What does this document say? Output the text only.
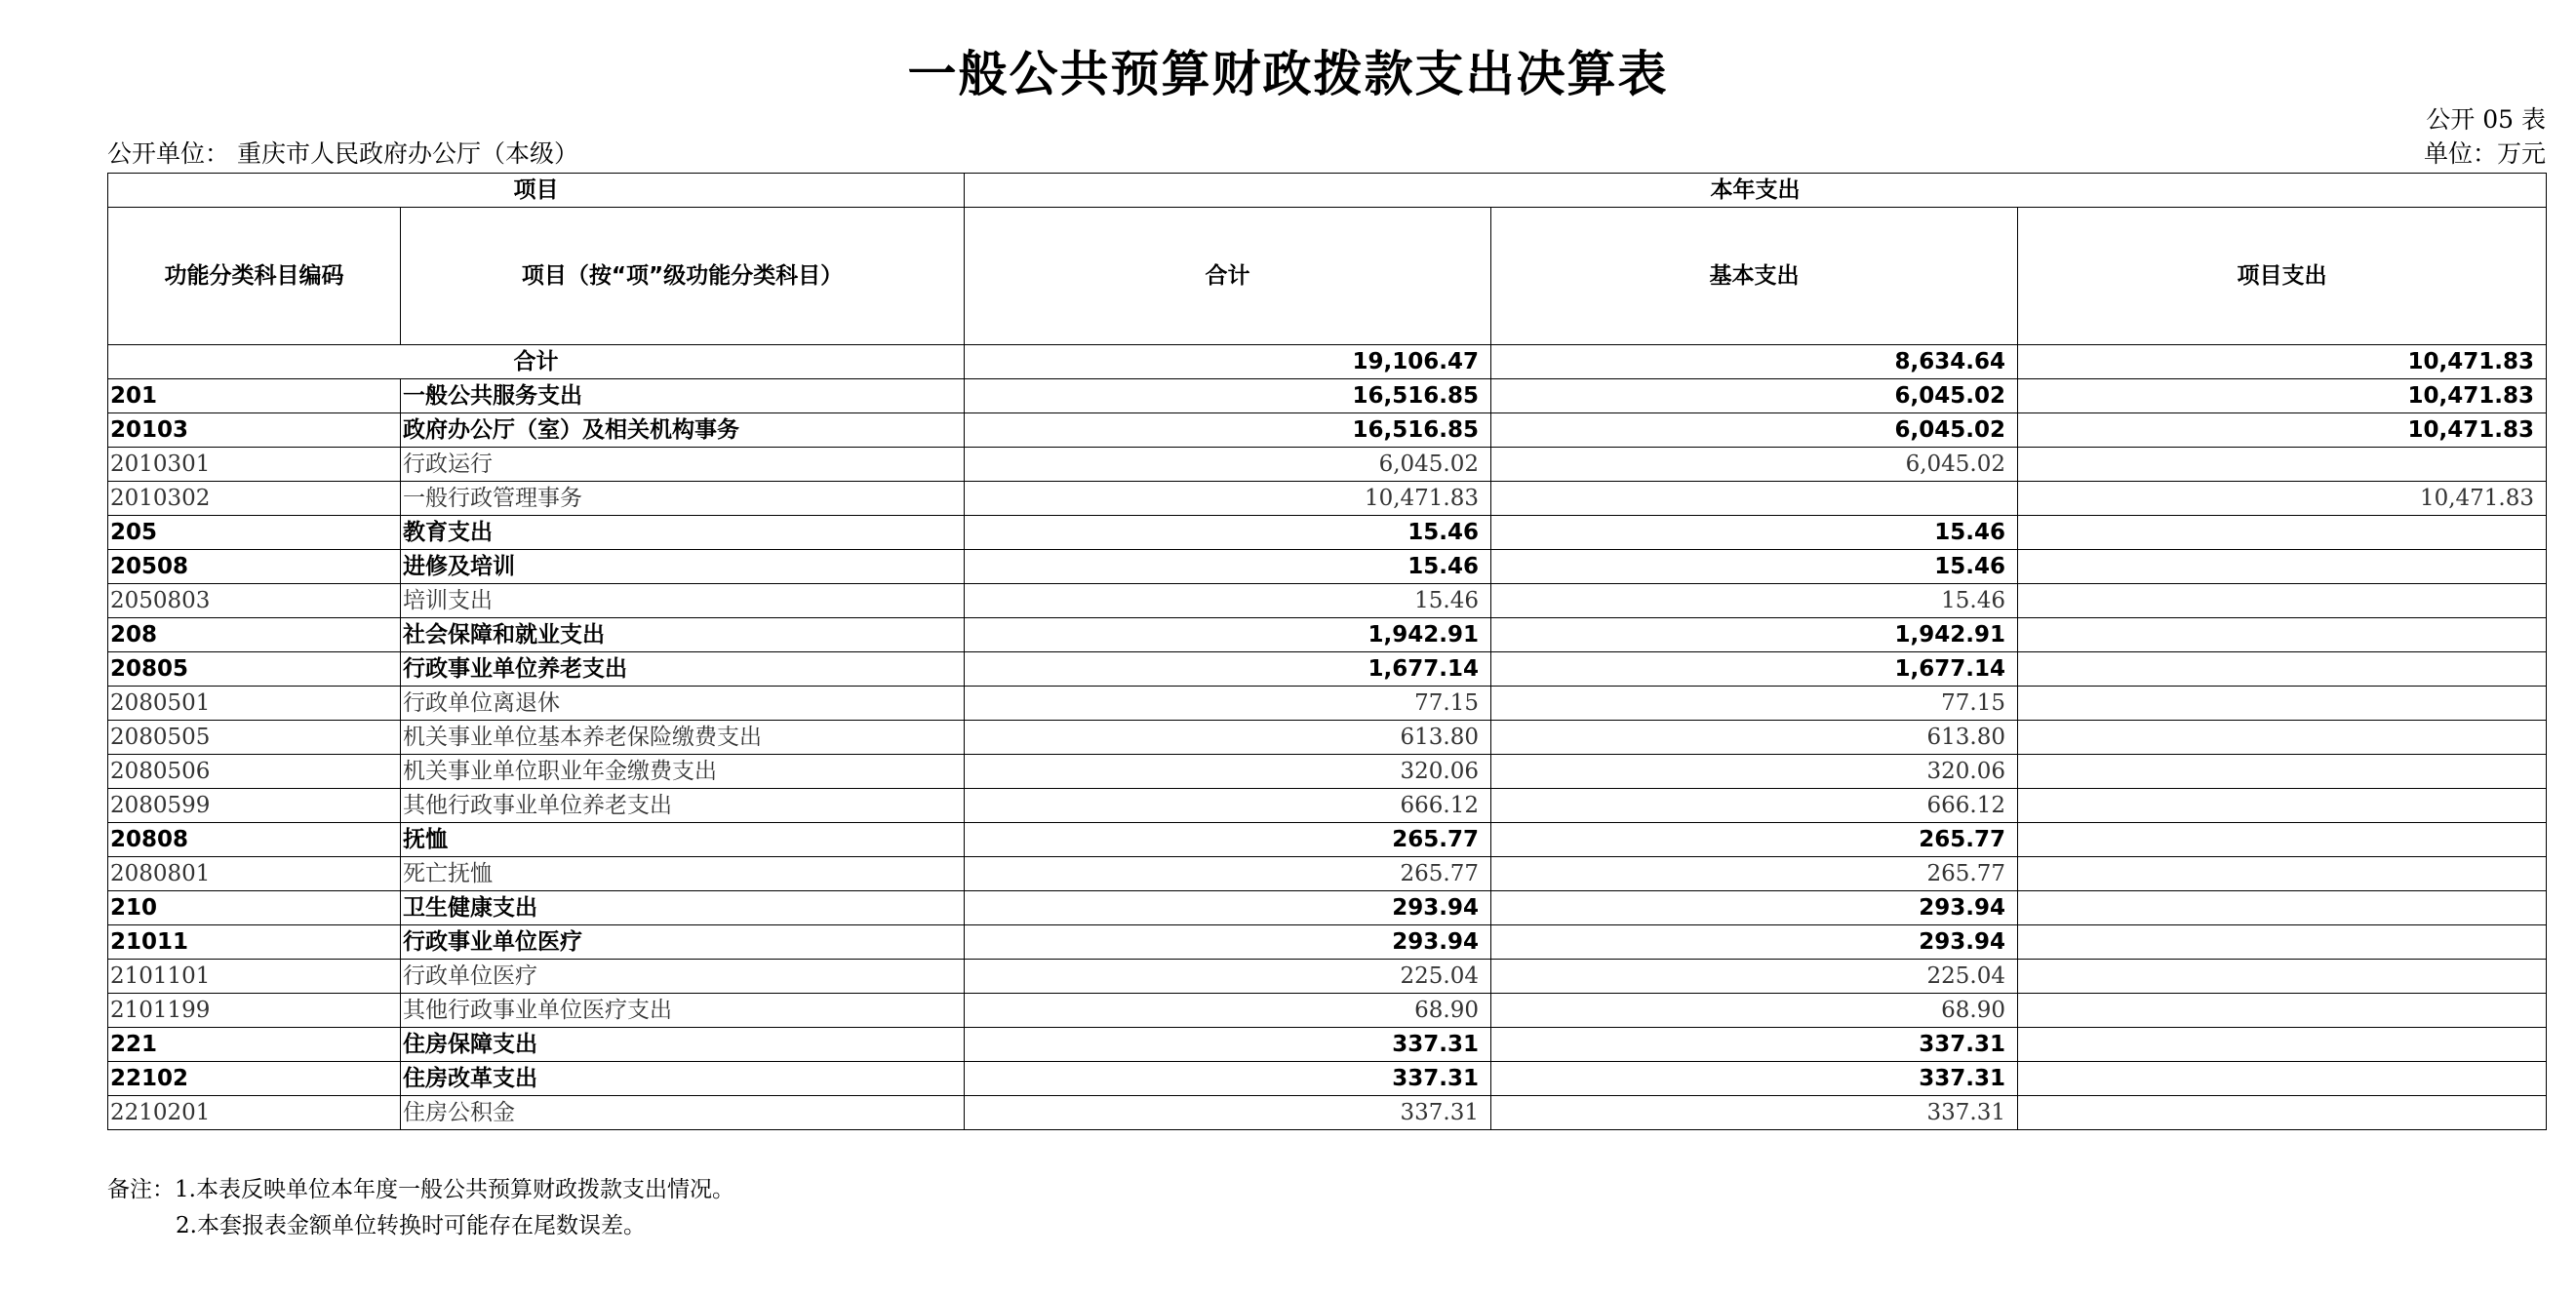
一般公共预算财政拨款支出决算表
公开 05 表
公开单位： 重庆市人民政府办公厅（本级）	单位：万元
项目		本年支出		
功能分类科目编码	项目（按“项”级功能分类科目）	合计	基本支出	项目支出
合计		19,106.47	8,634.64	10,471.83
201	一般公共服务支出	16,516.85	6,045.02	10,471.83
20103	政府办公厅（室）及相关机构事务	16,516.85	6,045.02	10,471.83
2010301	行政运行	6,045.02	6,045.02	
2010302	一般行政管理事务	10,471.83		10,471.83
205	教育支出	15.46	15.46	
20508	进修及培训	15.46	15.46	
2050803	培训支出	15.46	15.46	
208	社会保障和就业支出	1,942.91	1,942.91	
20805	行政事业单位养老支出	1,677.14	1,677.14	
2080501	行政单位离退休	77.15	77.15	
2080505	机关事业单位基本养老保险缴费支出	613.80	613.80	
2080506	机关事业单位职业年金缴费支出	320.06	320.06	
2080599	其他行政事业单位养老支出	666.12	666.12	
20808	抚恤	265.77	265.77	
2080801	死亡抚恤	265.77	265.77	
210	卫生健康支出	293.94	293.94	
21011	行政事业单位医疗	293.94	293.94	
2101101	行政单位医疗	225.04	225.04	
2101199	其他行政事业单位医疗支出	68.90	68.90	
221	住房保障支出	337.31	337.31	
22102	住房改革支出	337.31	337.31	
2210201	住房公积金	337.31	337.31	
备注：1.本表反映单位本年度一般公共预算财政拨款支出情况。
2.本套报表金额单位转换时可能存在尾数误差。
